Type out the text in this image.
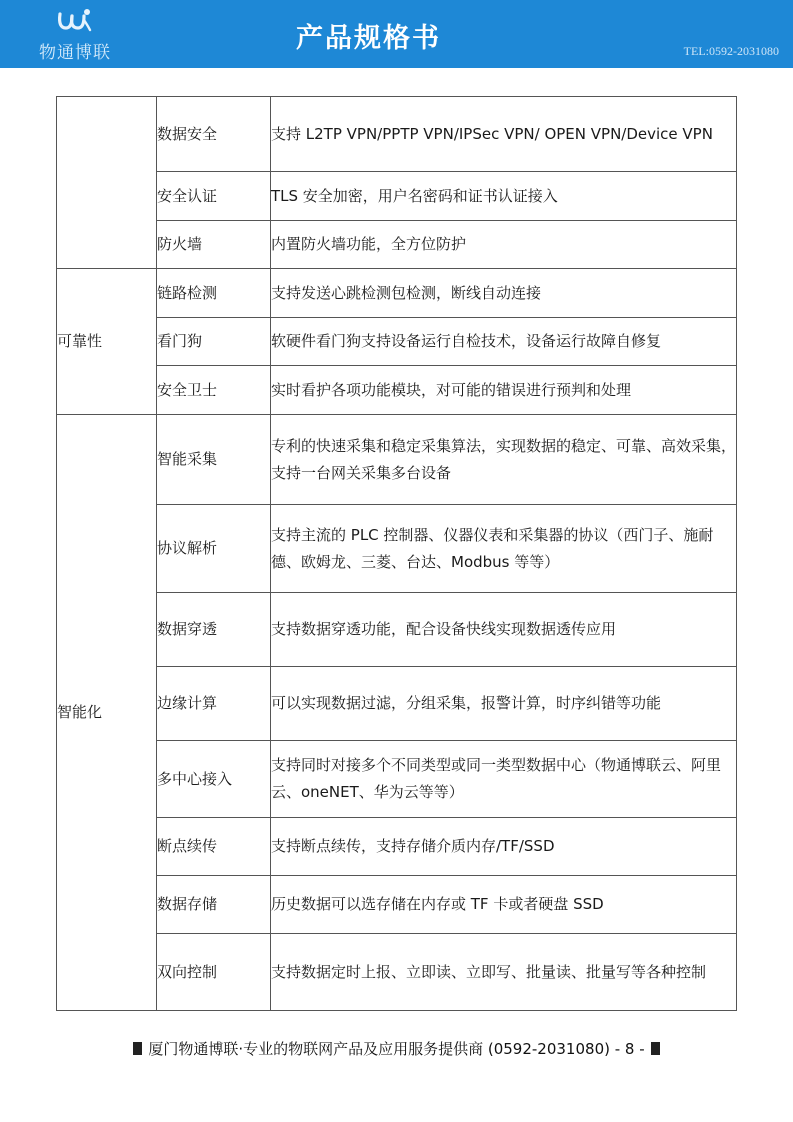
物通博联	产品规格书	TEL:0592-2031080
	数据安全	支持 L2TP VPN/PPTP VPN/IPSec VPN/ OPEN VPN/Device VPN
	安全认证	TLS 安全加密，用户名密码和证书认证接入
	防火墙	内置防火墙功能，全方位防护
可靠性	链路检测	支持发送心跳检测包检测，断线自动连接
	看门狗	软硬件看门狗支持设备运行自检技术，设备运行故障自修复
	安全卫士	实时看护各项功能模块，对可能的错误进行预判和处理
智能化	智能采集	专利的快速采集和稳定采集算法，实现数据的稳定、可靠、高效采集，支持一台网关采集多台设备
	协议解析	支持主流的 PLC 控制器、仪器仪表和采集器的协议（西门子、施耐德、欧姆龙、三菱、台达、Modbus 等等）
	数据穿透	支持数据穿透功能，配合设备快线实现数据透传应用
	边缘计算	可以实现数据过滤，分组采集，报警计算，时序纠错等功能
	多中心接入	支持同时对接多个不同类型或同一类型数据中心（物通博联云、阿里云、oneNET、华为云等等）
	断点续传	支持断点续传，支持存储介质内存/TF/SSD
	数据存储	历史数据可以选存储在内存或 TF 卡或者硬盘 SSD
	双向控制	支持数据定时上报、立即读、立即写、批量读、批量写等各种控制
厦门物通博联·专业的物联网产品及应用服务提供商 (0592-2031080) - 8 -
